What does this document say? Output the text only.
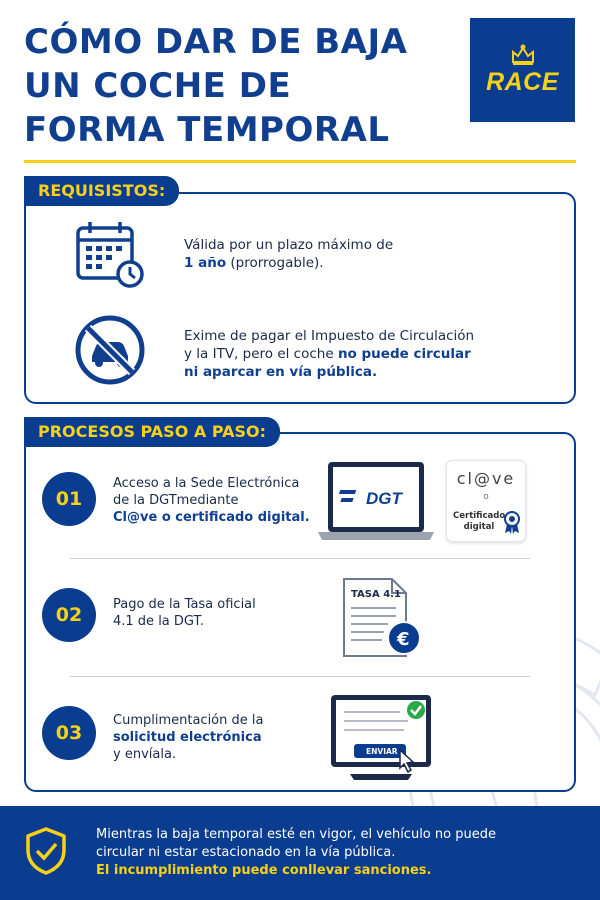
CÓMO DAR DE BAJA
UN COCHE DE
FORMA TEMPORAL
RACE
REQUISISTOS:
Válida por un plazo máximo de
1 año (prorrogable).
Exime de pagar el Impuesto de Circulación
y la ITV, pero el coche no puede circular
ni aparcar en vía pública.
PROCESOS PASO A PASO:
01
Acceso a la Sede Electrónica
de la DGTmediante
Cl@ve o certificado digital.
DGT
cl@ve
o
Certificado
digital
02	Pago de la Tasa oficial
4.1 de la DGT.
TASA 4.1
€
03
Cumplimentación de la
solicitud electrónica
y envíala.	ENVIAR
Mientras la baja temporal esté en vigor, el vehículo no puede
circular ni estar estacionado en la vía pública.
El incumplimiento puede conllevar sanciones.
